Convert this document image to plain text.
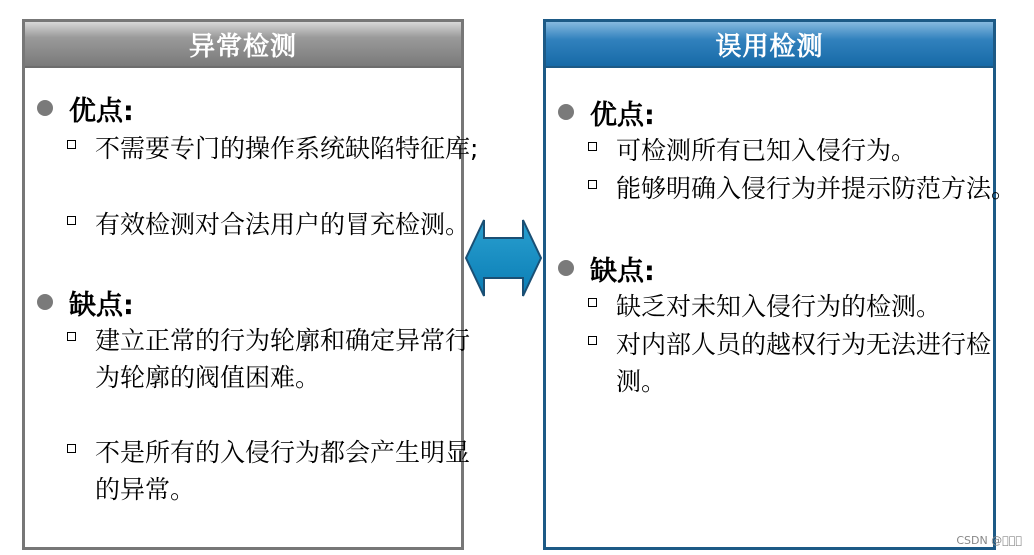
异常检测
优点:
不需要专门的操作系统缺陷特征库;
有效检测对合法用户的冒充检测。
缺点:
建立正常的行为轮廓和确定异常行为轮廓的阀值困难。
不是所有的入侵行为都会产生明显的异常。
误用检测
优点:
可检测所有已知入侵行为。
能够明确入侵行为并提示防范方法。
缺点:
缺乏对未知入侵行为的检测。
对内部人员的越权行为无法进行检测。
CSDN @   
